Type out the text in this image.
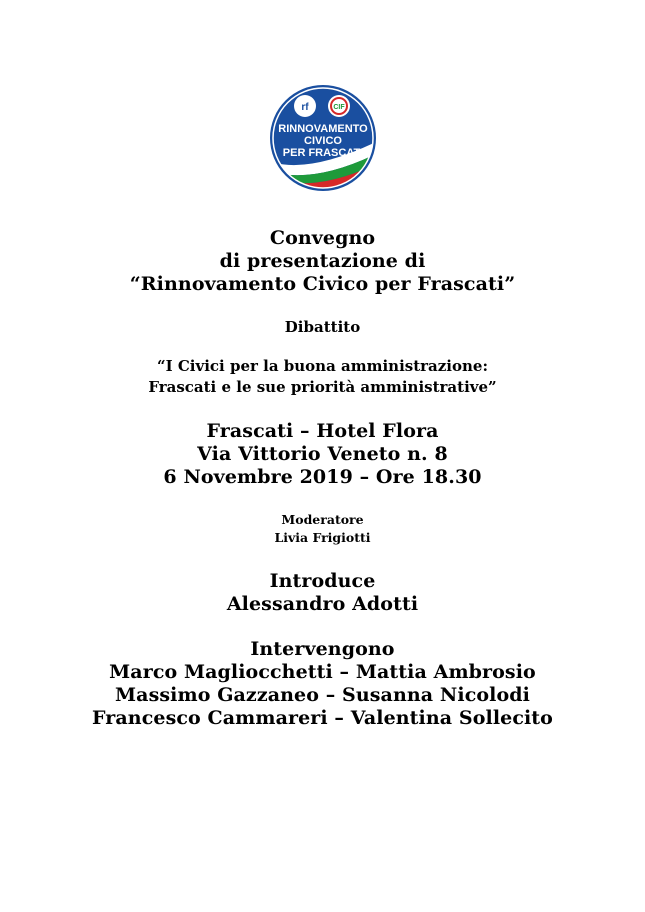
rf	CIF
RINNOVAMENTO
CIVICO
PER FRASCATI
Convegno
di presentazione di
“Rinnovamento Civico per Frascati”
Dibattito
“I Civici per la buona amministrazione:
Frascati e le sue priorità amministrative”
Frascati – Hotel Flora
Via Vittorio Veneto n. 8
6 Novembre 2019 – Ore 18.30
Moderatore
Livia Frigiotti
Introduce
Alessandro Adotti
Intervengono
Marco Magliocchetti – Mattia Ambrosio
Massimo Gazzaneo – Susanna Nicolodi
Francesco Cammareri – Valentina Sollecito
